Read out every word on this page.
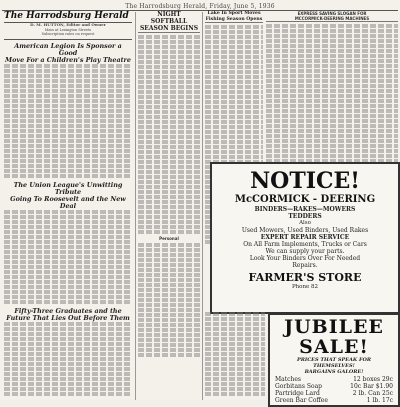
The Harrodsburg Herald, Friday, June 5, 1936
The Harrodsburg Herald
D. M. HUTTON, Editor and Owner
Main at Lexington Streets
Subscription rates on request
American Legion Is Sponsor a Good
Move For a Children's Play Theatre
The Union League's Unwitting Tribute
Going To Roosevelt and the New Deal
Fifty-Three Graduates and the
Future That Lies Out Before Them
NIGHT SOFTBALL
SEASON BEGINS
Personal
Lake In Sport Moves
Fishing Season Opens
EXPRESS SAVING SLOGAN FOR
MCCORMICK-DEERING MACHINES
NOTICE!
McCORMICK - DEERING
BINDERS—RAKES—MOWERS
TEDDERS
Also
Used Mowers, Used Binders, Used Rakes
EXPERT REPAIR SERVICE
On All Farm Implements, Trucks or Cars
We can supply your parts.
Look Your Binders Over For Needed
Repairs.
FARMER'S STORE
Phone 82
JUBILEE
SALE!
PRICES THAT SPEAK FOR
THEMSELVES!
BARGAINS GALORE!
Matches	12 boxes 29c
Gorbitans Soap	10c Bar $1.90
Partridge Lard	2 lb. Can 25c
Green Bar Coffee	1 lb. 17c
